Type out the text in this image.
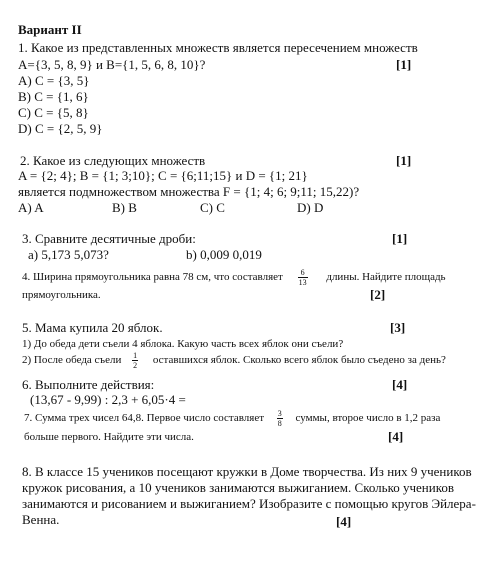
Вариант II
1. Какое из представленных множеств является пересечением множеств
A={3, 5, 8, 9} и B={1, 5, 6, 8, 10}?	[1]
A) C = {3, 5}
B) C = {1, 6}
C) C = {5, 8}
D) C = {2, 5, 9}
2. Какое из следующих множеств	[1]
A = {2; 4}; B = {1; 3;10}; C = {6;11;15} и D = {1; 21}
является подмножеством множества F = {1; 4; 6; 9;11; 15,22)?
A) A	B) B	C) C	D) D
3. Сравните десятичные дроби:	[1]
a) 5,173 5,073?	b) 0,009 0,019
4. Ширина прямоугольника равна 78 см, что составляет $\frac{6}{13}$ длины. Найдите площадь
прямоугольника.	[2]
5. Мама купила 20 яблок.	[3]
1) До обеда дети съели 4 яблока. Какую часть всех яблок они съели?
2) После обеда съели $\frac{1}{2}$ оставшихся яблок. Сколько всего яблок было съедено за день?
6. Выполните действия:	[4]
(13,67 - 9,99) : 2,3 + 6,05·4 =
7. Сумма трех чисел 64,8. Первое число составляет $\frac{3}{8}$ суммы, второе число в 1,2 раза
больше первого. Найдите эти числа.	[4]
8. В классе 15 учеников посещают кружки в Доме творчества. Из них 9 учеников
кружок рисования, а 10 учеников занимаются выжиганием. Сколько учеников
занимаются и рисованием и выжиганием? Изобразите с помощью кругов Эйлера-
Венна.	[4]
